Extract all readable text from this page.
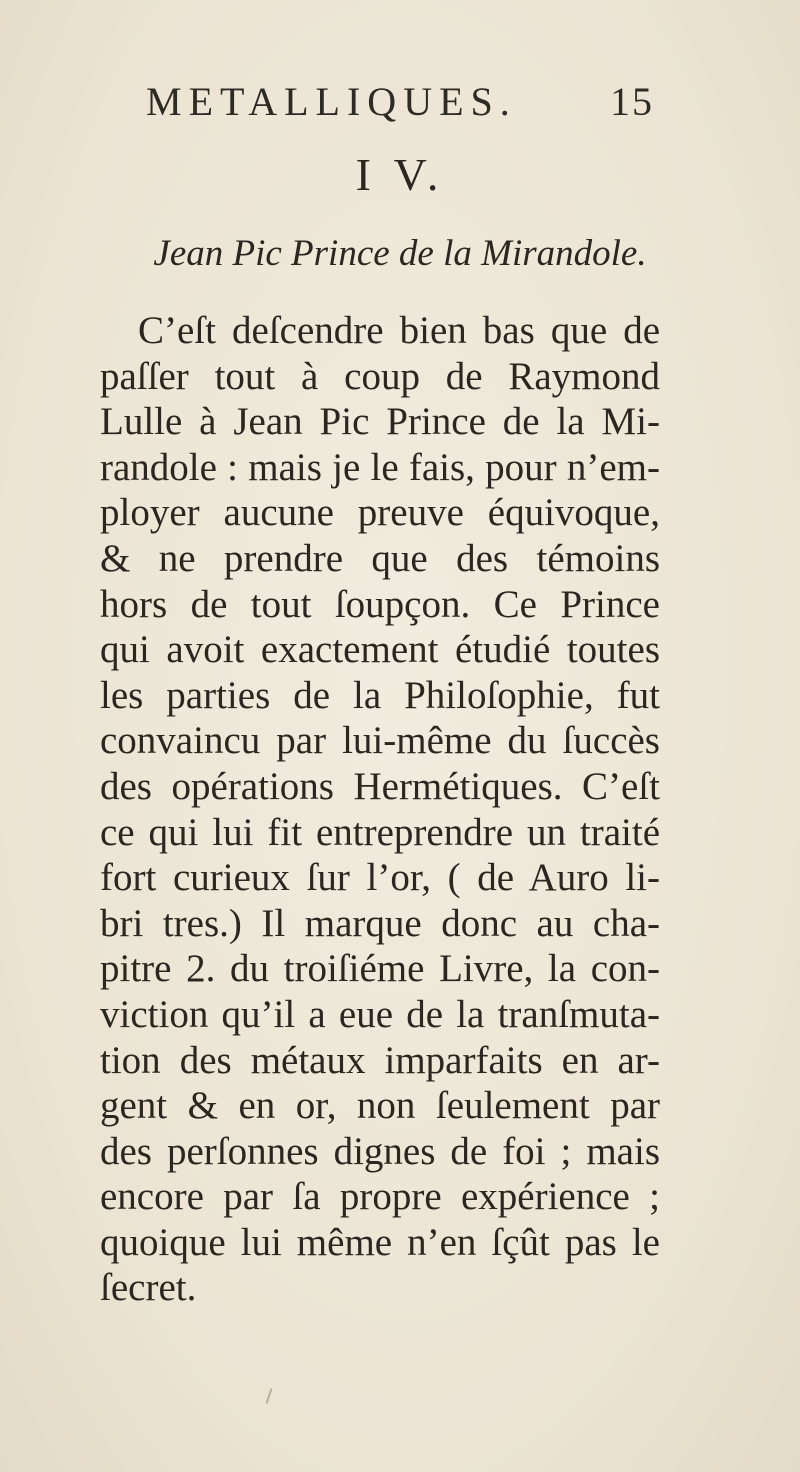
METALLIQUES. 15
I V.
Jean Pic Prince de la Mirandole.
C’eſt deſcendre bien bas que de
paſſer tout à coup de Raymond
Lulle à Jean Pic Prince de la Mi-
randole : mais je le fais, pour n’em-
ployer aucune preuve équivoque,
& ne prendre que des témoins
hors de tout ſoupçon. Ce Prince
qui avoit exactement étudié toutes
les parties de la Philoſophie, fut
convaincu par lui-même du ſuccès
des opérations Hermétiques. C’eſt
ce qui lui fit entreprendre un traité
fort curieux ſur l’or, ( de Auro li-
bri tres.) Il marque donc au cha-
pitre 2. du troiſiéme Livre, la con-
viction qu’il a eue de la tranſmuta-
tion des métaux imparfaits en ar-
gent & en or, non ſeulement par
des perſonnes dignes de foi ; mais
encore par ſa propre expérience ;
quoique lui même n’en ſçût pas le
ſecret.
